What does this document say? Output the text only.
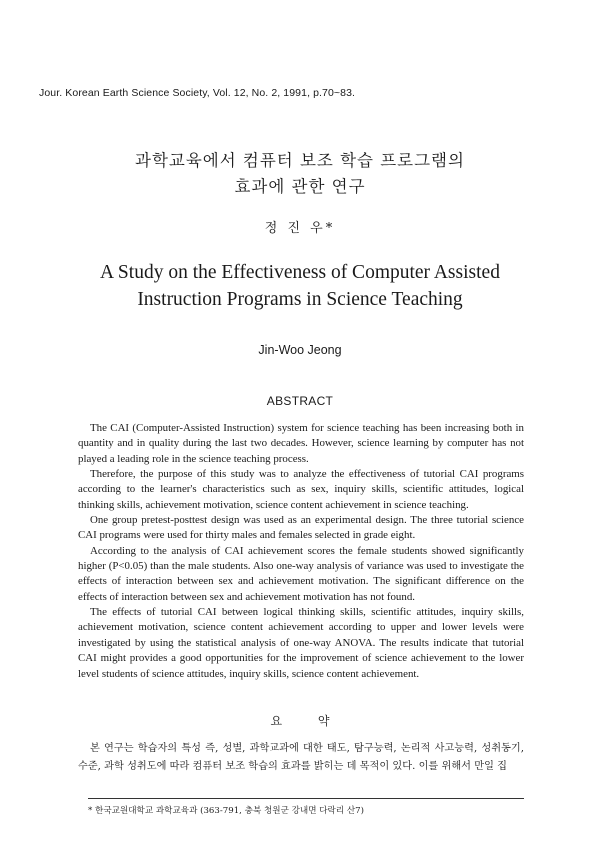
Jour. Korean Earth Science Society, Vol. 12, No. 2, 1991, p.70~83.
과학교육에서 컴퓨터 보조 학습 프로그램의
효과에 관한 연구
정 진 우*
A Study on the Effectiveness of Computer Assisted
Instruction Programs in Science Teaching
Jin-Woo Jeong
ABSTRACT

The CAI (Computer-Assisted Instruction) system for science teaching has been increasing both in quantity and in quality during the last two decades. However, science learning by computer has not played a leading role in the science teaching process.

Therefore, the purpose of this study was to analyze the effectiveness of tutorial CAI programs according to the learner's characteristics such as sex, inquiry skills, scientific attitudes, logical thinking skills, achievement motivation, science content achievement in science teaching.

One group pretest-posttest design was used as an experimental design. The three tutorial science CAI programs were used for thirty males and females selected in grade eight.

According to the analysis of CAI achievement scores the female students showed significantly higher (P<0.05) than the male students. Also one-way analysis of variance was used to investigate the effects of interaction between sex and achievement motivation. The significant difference on the effects of interaction between sex and achievement motivation has not found.

The effects of tutorial CAI between logical thinking skills, scientific attitudes, inquiry skills, achievement motivation, science content achievement according to upper and lower levels were investigated by using the statistical analysis of one-way ANOVA. The results indicate that tutorial CAI might provides a good opportunities for the improvement of science achievement to the lower level students of science attitudes, inquiry skills, science content achievement.

요 약
본 연구는 학습자의 특성 즉, 성별, 과학교과에 대한 태도, 탐구능력, 논리적 사고능력, 성취동기, 수준, 과학 성취도에 따라 컴퓨터 보조 학습의 효과를 밝히는 데 목적이 있다. 이를 위해서 만일 집
* 한국교원대학교 과학교육과 (363-791, 충북 청원군 강내면 다락리 산7)
